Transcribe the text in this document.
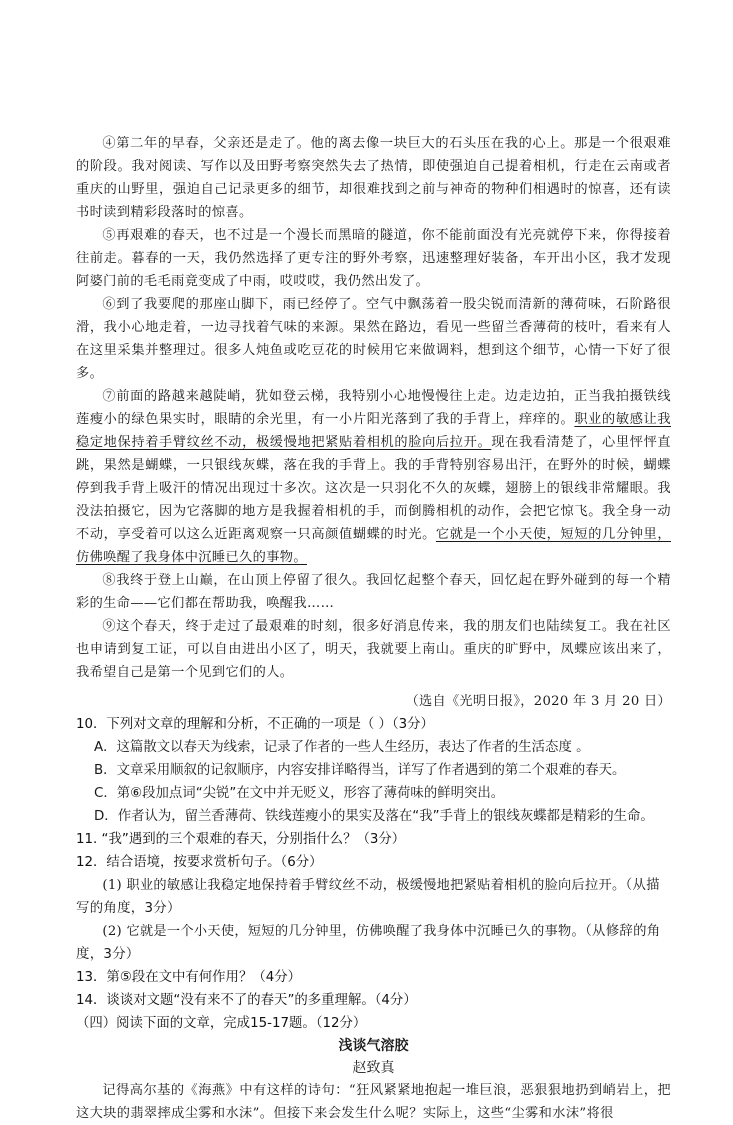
④第二年的早春，父亲还是走了。他的离去像一块巨大的石头压在我的心上。那是一个很艰难的阶段。我对阅读、写作以及田野考察突然失去了热情，即使强迫自己提着相机，行走在云南或者重庆的山野里，强迫自己记录更多的细节，却很难找到之前与神奇的物种们相遇时的惊喜，还有读书时读到精彩段落时的惊喜。

⑤再艰难的春天，也不过是一个漫长而黑暗的隧道，你不能前面没有光亮就停下来，你得接着往前走。暮春的一天，我仍然选择了更专注的野外考察，迅速整理好装备，车开出小区，我才发现阿婆门前的毛毛雨竟变成了中雨，哎哎哎，我仍然出发了。

⑥到了我要爬的那座山脚下，雨已经停了。空气中飘荡着一股尖锐而清新的薄荷味，石阶路很滑，我小心地走着，一边寻找着气味的来源。果然在路边，看见一些留兰香薄荷的枝叶，看来有人在这里采集并整理过。很多人炖鱼或吃豆花的时候用它来做调料，想到这个细节，心情一下好了很多。

⑦前面的路越来越陡峭，犹如登云梯，我特别小心地慢慢往上走。边走边拍，正当我拍摄铁线莲瘦小的绿色果实时，眼睛的余光里，有一小片阳光落到了我的手背上，痒痒的。职业的敏感让我稳定地保持着手臂纹丝不动，极缓慢地把紧贴着相机的脸向后拉开。现在我看清楚了，心里怦怦直跳，果然是蝴蝶，一只银线灰蝶，落在我的手背上。我的手背特别容易出汗，在野外的时候，蝴蝶停到我手背上吸汗的情况出现过十多次。这次是一只羽化不久的灰蝶，翅膀上的银线非常耀眼。我没法拍摄它，因为它落脚的地方是我握着相机的手，而倒腾相机的动作，会把它惊飞。我全身一动不动，享受着可以这么近距离观察一只高颜值蝴蝶的时光。它就是一个小天使，短短的几分钟里，仿佛唤醒了我身体中沉睡已久的事物。

⑧我终于登上山巅，在山顶上停留了很久。我回忆起整个春天，回忆起在野外碰到的每一个精彩的生命——它们都在帮助我，唤醒我……

⑨这个春天，终于走过了最艰难的时刻，很多好消息传来，我的朋友们也陆续复工。我在社区也申请到复工证，可以自由进出小区了，明天，我就要上南山。重庆的旷野中，凤蝶应该出来了，我希望自己是第一个见到它们的人。

（选自《光明日报》，2020 年 3 月 20 日）

10．下列对文章的理解和分析，不正确的一项是（ ）（3分）

A．这篇散文以春天为线索，记录了作者的一些人生经历，表达了作者的生活态度 。

B．文章采用顺叙的记叙顺序，内容安排详略得当，详写了作者遇到的第二个艰难的春天。

C．第⑥段加点词“尖锐”在文中并无贬义，形容了薄荷味的鲜明突出。

D．作者认为，留兰香薄荷、铁线莲瘦小的果实及落在“我”手背上的银线灰蝶都是精彩的生命。

11. “我”遇到的三个艰难的春天，分别指什么？（3分）

12．结合语境，按要求赏析句子。（6分）

(1) 职业的敏感让我稳定地保持着手臂纹丝不动，极缓慢地把紧贴着相机的脸向后拉开。（从描写的角度，3分）

(2) 它就是一个小天使，短短的几分钟里，仿佛唤醒了我身体中沉睡已久的事物。（从修辞的角度，3分）

13．第⑤段在文中有何作用？（4分）

14．谈谈对文题“没有来不了的春天”的多重理解。（4分）

（四）阅读下面的文章，完成15-17题。（12分）

浅谈气溶胶

赵致真

记得高尔基的《海燕》中有这样的诗句：“狂风紧紧地抱起一堆巨浪，恶狠狠地扔到峭岩上，把这大块的翡翠摔成尘雾和水沫”。但接下来会发生什么呢？实际上，这些“尘雾和水沫”将很
